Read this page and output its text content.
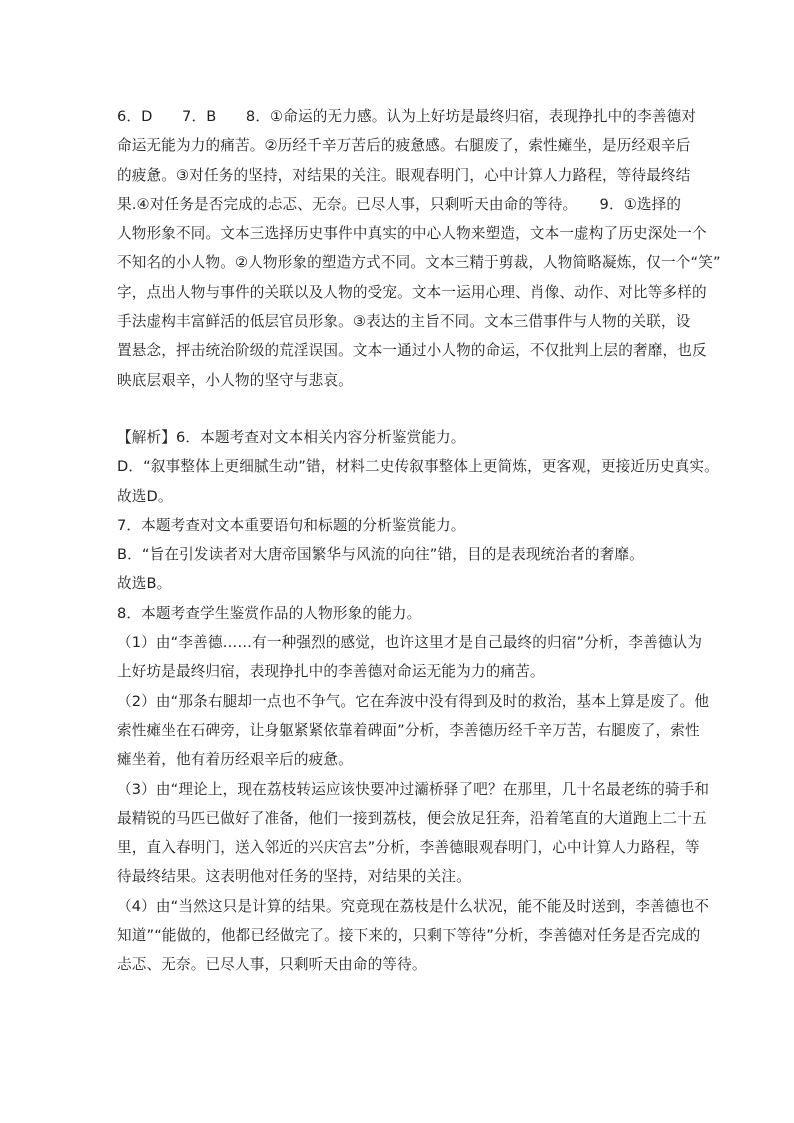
6．D　　7．B　　8．①命运的无力感。认为上好坊是最终归宿，表现挣扎中的李善德对
命运无能为力的痛苦。②历经千辛万苦后的疲惫感。右腿废了，索性瘫坐，是历经艰辛后
的疲惫。③对任务的坚持，对结果的关注。眼观春明门，心中计算人力路程，等待最终结
果.④对任务是否完成的忐忑、无奈。已尽人事，只剩听天由命的等待。　　9．①选择的
人物形象不同。文本三选择历史事件中真实的中心人物来塑造，文本一虚构了历史深处一个
不知名的小人物。②人物形象的塑造方式不同。文本三精于剪裁，人物简略凝炼，仅一个“笑”
字，点出人物与事件的关联以及人物的受宠。文本一运用心理、肖像、动作、对比等多样的
手法虚构丰富鲜活的低层官员形象。③表达的主旨不同。文本三借事件与人物的关联，设
置悬念，抨击统治阶级的荒淫误国。文本一通过小人物的命运，不仅批判上层的奢靡，也反
映底层艰辛，小人物的坚守与悲哀。
【解析】6．本题考查对文本相关内容分析鉴赏能力。
D．“叙事整体上更细腻生动”错，材料二史传叙事整体上更简炼，更客观，更接近历史真实。
故选D。
7．本题考查对文本重要语句和标题的分析鉴赏能力。
B．“旨在引发读者对大唐帝国繁华与风流的向往”错，目的是表现统治者的奢靡。
故选B。
8．本题考查学生鉴赏作品的人物形象的能力。
（1）由“李善德……有一种强烈的感觉，也许这里才是自己最终的归宿”分析，李善德认为
上好坊是最终归宿，表现挣扎中的李善德对命运无能为力的痛苦。
（2）由“那条右腿却一点也不争气。它在奔波中没有得到及时的救治，基本上算是废了。他
索性瘫坐在石碑旁，让身躯紧紧依靠着碑面”分析，李善德历经千辛万苦，右腿废了，索性
瘫坐着，他有着历经艰辛后的疲惫。
（3）由“理论上，现在荔枝转运应该快要冲过灞桥驿了吧？在那里，几十名最老练的骑手和
最精锐的马匹已做好了准备，他们一接到荔枝，便会放足狂奔，沿着笔直的大道跑上二十五
里，直入春明门，送入邻近的兴庆宫去”分析，李善德眼观春明门，心中计算人力路程，等
待最终结果。这表明他对任务的坚持，对结果的关注。
（4）由“当然这只是计算的结果。究竟现在荔枝是什么状况，能不能及时送到，李善德也不
知道”“能做的，他都已经做完了。接下来的，只剩下等待”分析，李善德对任务是否完成的
忐忑、无奈。已尽人事，只剩听天由命的等待。
